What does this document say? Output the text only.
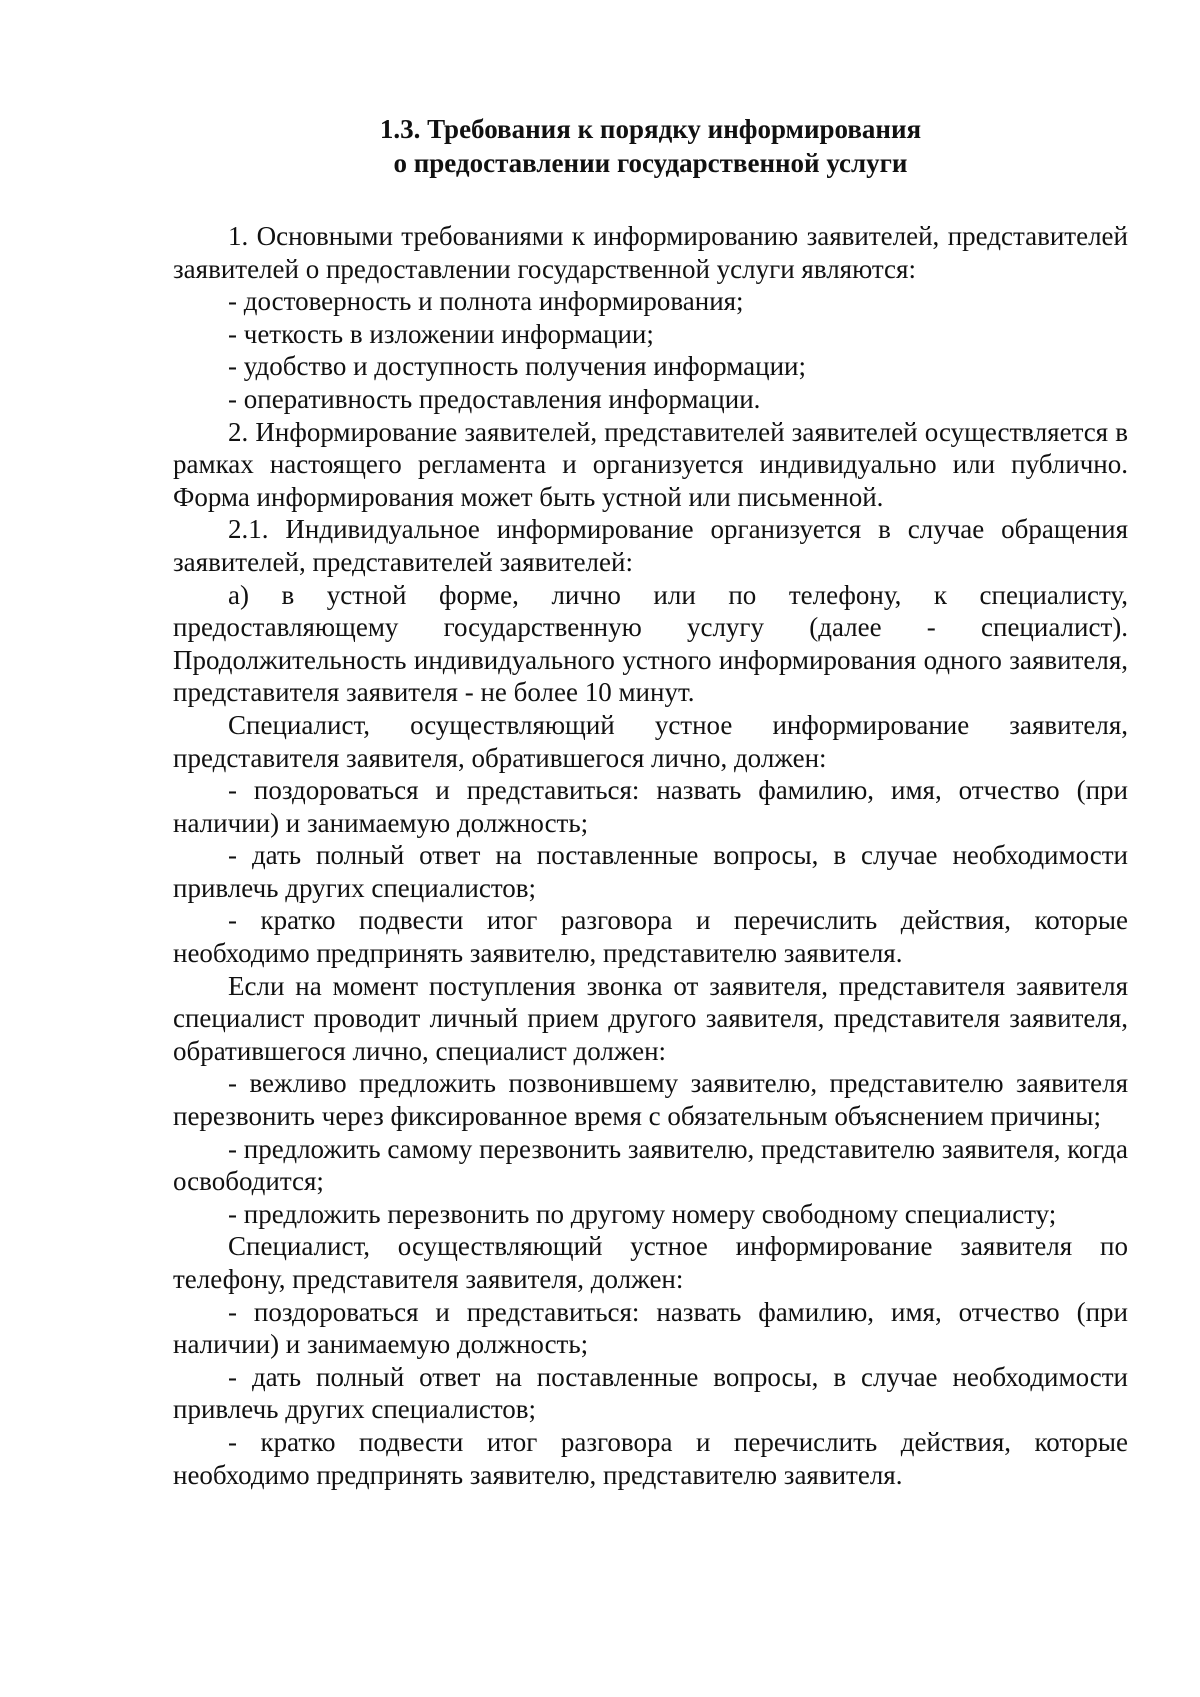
1.3. Требования к порядку информирования
о предоставлении государственной услуги

1. Основными требованиями к информированию заявителей, представителей заявителей о предоставлении государственной услуги являются:

- достоверность и полнота информирования;

- четкость в изложении информации;

- удобство и доступность получения информации;

- оперативность предоставления информации.

2. Информирование заявителей, представителей заявителей осуществляется в рамках настоящего регламента и организуется индивидуально или публично. Форма информирования может быть устной или письменной.

2.1. Индивидуальное информирование организуется в случае обращения заявителей, представителей заявителей:

а) в устной форме, лично или по телефону, к специалисту, предоставляющему государственную услугу (далее - специалист). Продолжительность индивидуального устного информирования одного заявителя, представителя заявителя - не более 10 минут.

Специалист, осуществляющий устное информирование заявителя, представителя заявителя, обратившегося лично, должен:

- поздороваться и представиться: назвать фамилию, имя, отчество (при наличии) и занимаемую должность;

- дать полный ответ на поставленные вопросы, в случае необходимости привлечь других специалистов;

- кратко подвести итог разговора и перечислить действия, которые необходимо предпринять заявителю, представителю заявителя.

Если на момент поступления звонка от заявителя, представителя заявителя специалист проводит личный прием другого заявителя, представителя заявителя, обратившегося лично, специалист должен:

- вежливо предложить позвонившему заявителю, представителю заявителя перезвонить через фиксированное время с обязательным объяснением причины;

- предложить самому перезвонить заявителю, представителю заявителя, когда освободится;

- предложить перезвонить по другому номеру свободному специалисту;

Специалист, осуществляющий устное информирование заявителя по телефону, представителя заявителя, должен:

- поздороваться и представиться: назвать фамилию, имя, отчество (при наличии) и занимаемую должность;

- дать полный ответ на поставленные вопросы, в случае необходимости привлечь других специалистов;

- кратко подвести итог разговора и перечислить действия, которые необходимо предпринять заявителю, представителю заявителя.
